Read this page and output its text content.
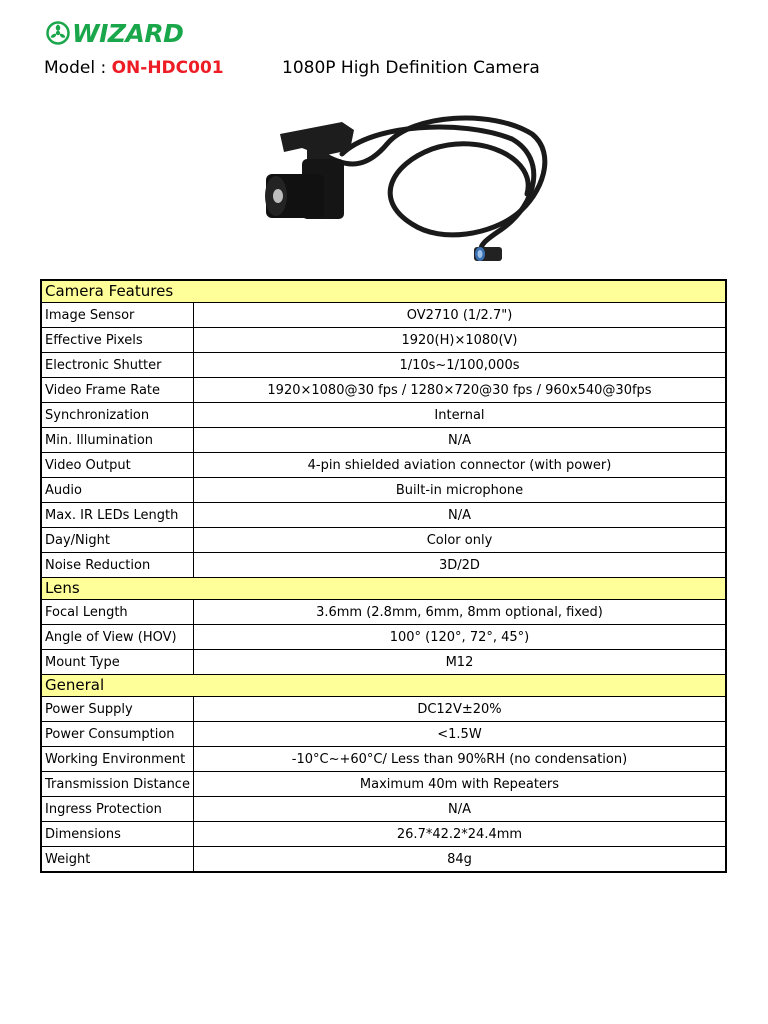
WIZARD
Model : ON-HDC001	1080P High Definition Camera
Camera Features	
Image Sensor	OV2710 (1/2.7")
Effective Pixels	1920(H)×1080(V)
Electronic Shutter	1/10s~1/100,000s
Video Frame Rate	1920×1080@30 fps / 1280×720@30 fps / 960x540@30fps
Synchronization	Internal
Min. Illumination	N/A
Video Output	4-pin shielded aviation connector (with power)
Audio	Built-in microphone
Max. IR LEDs Length	N/A
Day/Night	Color only
Noise Reduction	3D/2D
Lens	
Focal Length	3.6mm (2.8mm, 6mm, 8mm optional, fixed)
Angle of View (HOV)	100° (120°, 72°, 45°)
Mount Type	M12
General	
Power Supply	DC12V±20%
Power Consumption	<1.5W
Working Environment	-10°C~+60°C/ Less than 90%RH (no condensation)
Transmission Distance	Maximum 40m with Repeaters
Ingress Protection	N/A
Dimensions	26.7*42.2*24.4mm
Weight	84g
